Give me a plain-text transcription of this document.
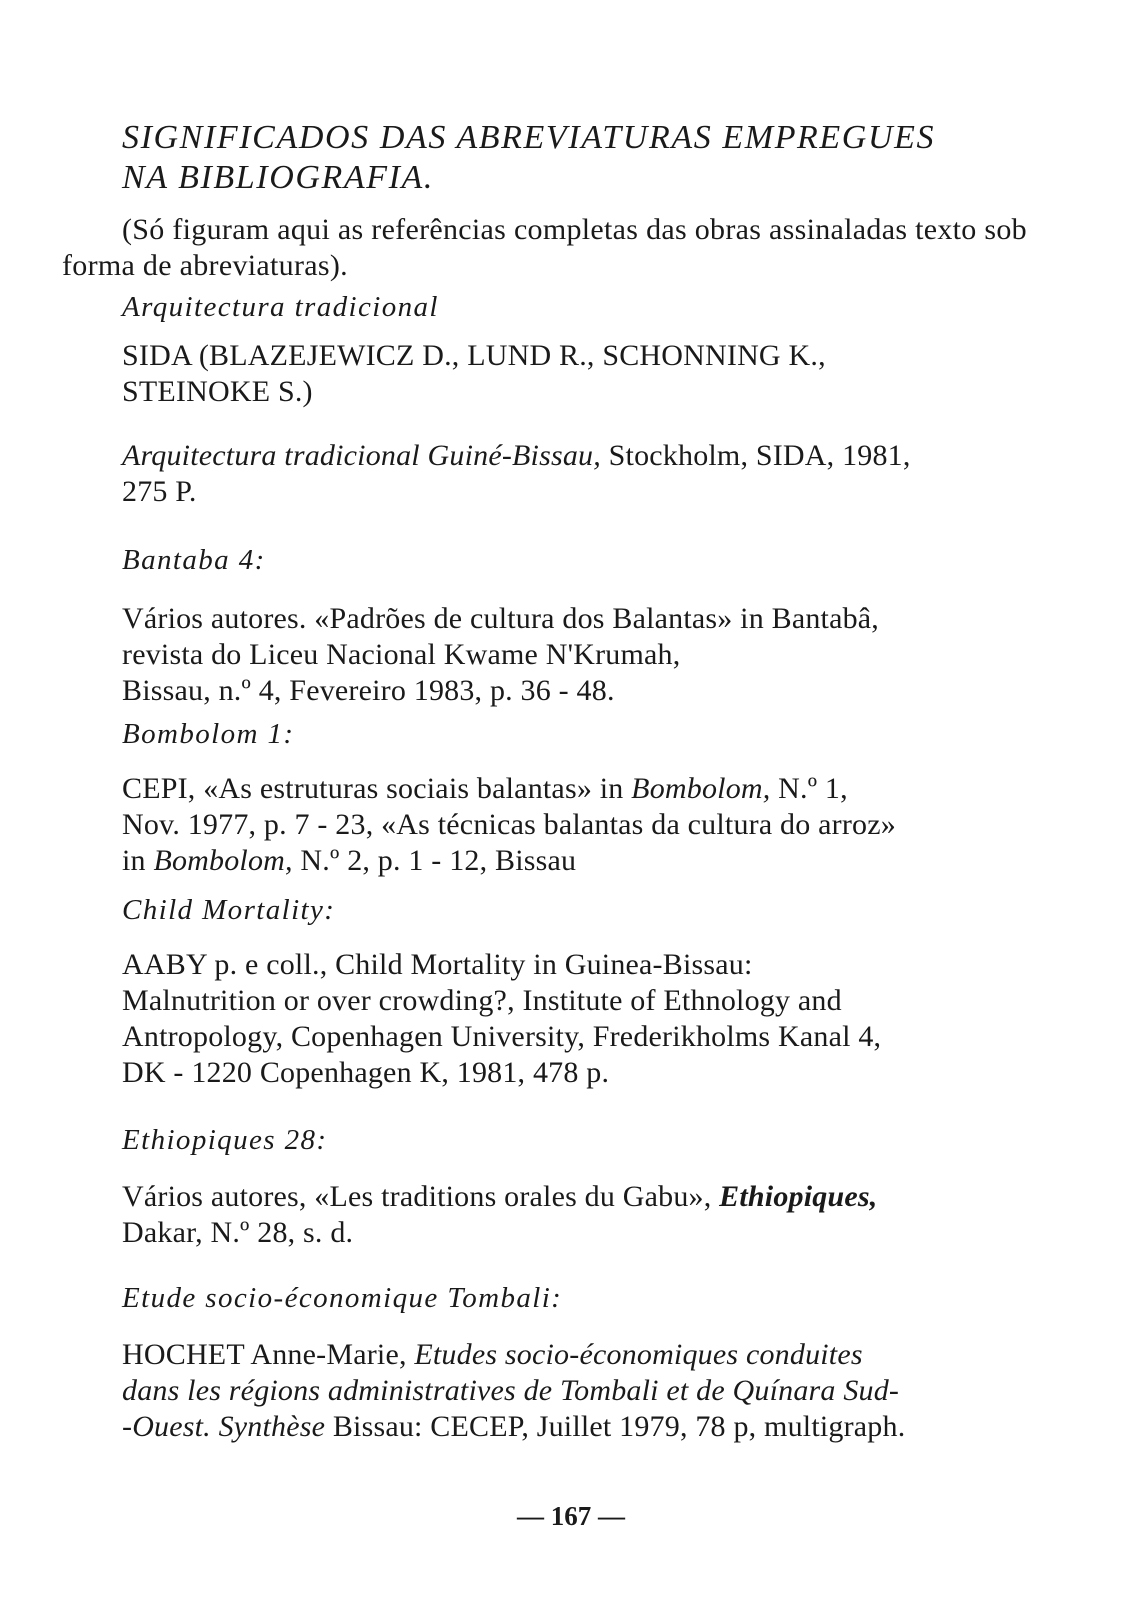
SIGNIFICADOS DAS ABREVIATURAS EMPREGUES
NA BIBLIOGRAFIA.

(Só figuram aqui as referências completas das obras assinaladas texto sob forma de abreviaturas).

Arquitectura tradicional

SIDA (BLAZEJEWICZ D., LUND R., SCHONNING K.,
STEINOKE S.)

Arquitectura tradicional Guiné-Bissau, Stockholm, SIDA, 1981,
275 P.

Bantaba 4:

Vários autores. «Padrões de cultura dos Balantas» in Bantabâ,
revista do Liceu Nacional Kwame N'Krumah,
Bissau, n.º 4, Fevereiro 1983, p. 36 - 48.

Bombolom 1:

CEPI, «As estruturas sociais balantas» in Bombolom, N.º 1,
Nov. 1977, p. 7 - 23, «As técnicas balantas da cultura do arroz»
in Bombolom, N.º 2, p. 1 - 12, Bissau

Child Mortality:

AABY p. e coll., Child Mortality in Guinea-Bissau:
Malnutrition or over crowding?, Institute of Ethnology and
Antropology, Copenhagen University, Frederikholms Kanal 4,
DK - 1220 Copenhagen K, 1981, 478 p.

Ethiopiques 28:

Vários autores, «Les traditions orales du Gabu», Ethiopiques,
Dakar, N.º 28, s. d.

Etude socio-économique Tombali:

HOCHET Anne-Marie, Etudes socio-économiques conduites
dans les régions administratives de Tombali et de Quínara Sud-
-Ouest. Synthèse Bissau: CECEP, Juillet 1979, 78 p, multigraph.

— 167 —
